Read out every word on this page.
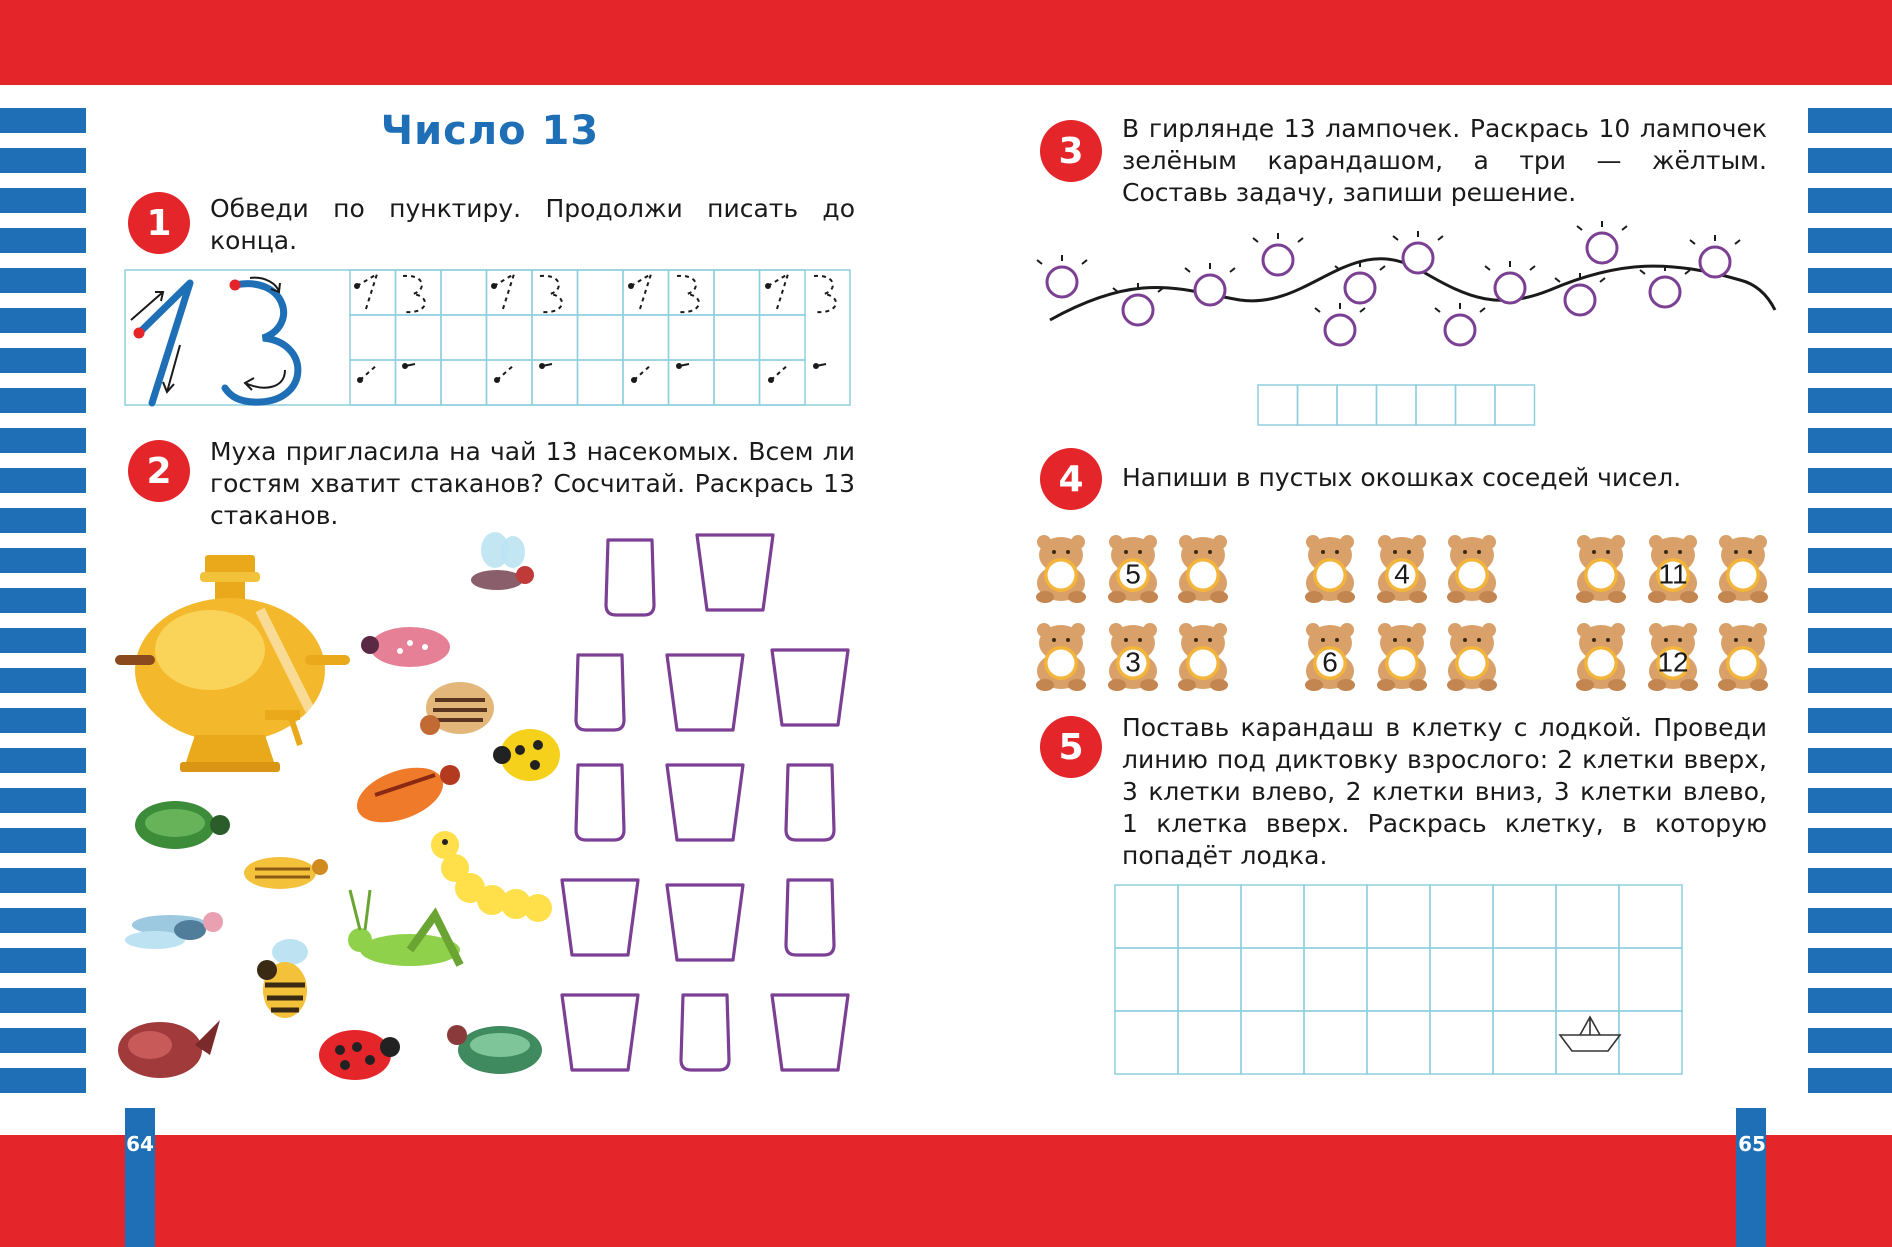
64	65
Число 13
1	Обведи по пунктиру. Продолжи писать до конца.
2	Муха пригласила на чай 13 насекомых. Всем ли гостям хватит стаканов? Сосчитай. Раскрась 13 стаканов.
3
В гирлянде 13 лампочек. Раскрась 10 лампочек зелёным карандашом, а три — жёлтым. Составь задачу, запиши решение.
4	Напиши в пустых окошках соседей чисел.
5
3
4
6
11
12
5	Поставь карандаш в клетку с лодкой. Проведи линию под диктовку взрослого: 2 клетки вверх, 3 клетки влево, 2 клетки вниз, 3 клетки влево, 1 клетка вверх. Раскрась клетку, в которую попадёт лодка.
